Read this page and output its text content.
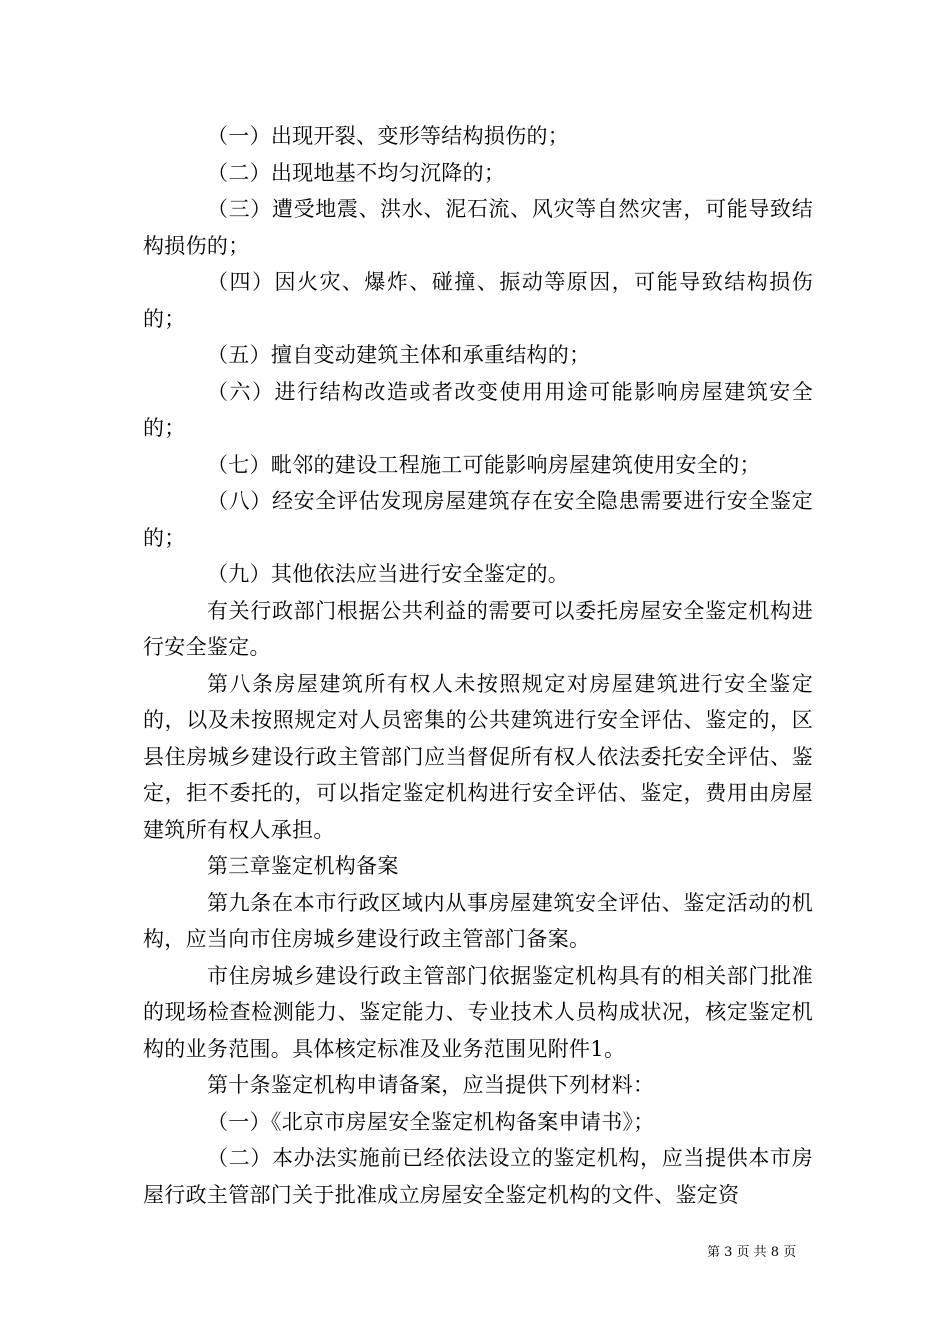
（一）出现开裂、变形等结构损伤的；

（二）出现地基不均匀沉降的；

（三）遭受地震、洪水、泥石流、风灾等自然灾害，可能导致结构损伤的；

（四）因火灾、爆炸、碰撞、振动等原因，可能导致结构损伤的；

（五）擅自变动建筑主体和承重结构的；

（六）进行结构改造或者改变使用用途可能影响房屋建筑安全的；

（七）毗邻的建设工程施工可能影响房屋建筑使用安全的；

（八）经安全评估发现房屋建筑存在安全隐患需要进行安全鉴定的；

（九）其他依法应当进行安全鉴定的。

有关行政部门根据公共利益的需要可以委托房屋安全鉴定机构进行安全鉴定。

第八条房屋建筑所有权人未按照规定对房屋建筑进行安全鉴定的，以及未按照规定对人员密集的公共建筑进行安全评估、鉴定的，区县住房城乡建设行政主管部门应当督促所有权人依法委托安全评估、鉴定，拒不委托的，可以指定鉴定机构进行安全评估、鉴定，费用由房屋建筑所有权人承担。

第三章鉴定机构备案

第九条在本市行政区域内从事房屋建筑安全评估、鉴定活动的机构，应当向市住房城乡建设行政主管部门备案。

市住房城乡建设行政主管部门依据鉴定机构具有的相关部门批准的现场检查检测能力、鉴定能力、专业技术人员构成状况，核定鉴定机构的业务范围。具体核定标准及业务范围见附件1。

第十条鉴定机构申请备案，应当提供下列材料：

（一）《北京市房屋安全鉴定机构备案申请书》；

（二）本办法实施前已经依法设立的鉴定机构，应当提供本市房屋行政主管部门关于批准成立房屋安全鉴定机构的文件、鉴定资

第 3 页 共 8 页
